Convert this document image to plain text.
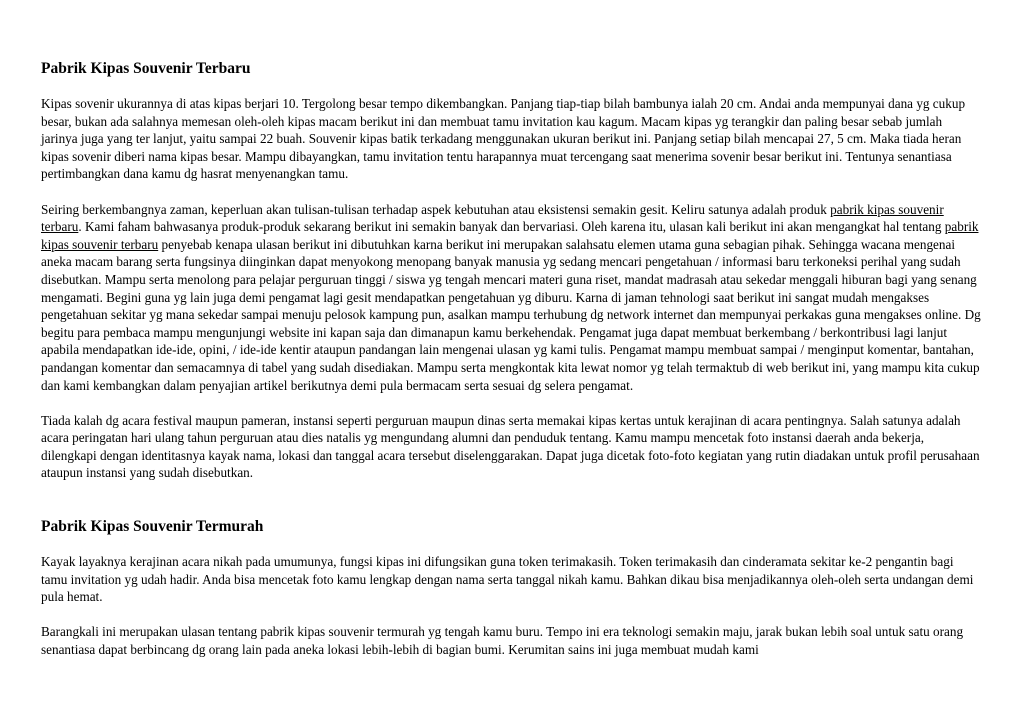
Pabrik Kipas Souvenir Terbaru

Kipas sovenir ukurannya di atas kipas berjari 10. Tergolong besar tempo dikembangkan. Panjang tiap-tiap bilah bambunya ialah 20 cm. Andai anda mempunyai dana yg cukup besar, bukan ada salahnya memesan oleh-oleh kipas macam berikut ini dan membuat tamu invitation kau kagum. Macam kipas yg terangkir dan paling besar sebab jumlah jarinya juga yang ter lanjut, yaitu sampai 22 buah. Souvenir kipas batik terkadang menggunakan ukuran berikut ini. Panjang setiap bilah mencapai 27, 5 cm. Maka tiada heran kipas sovenir diberi nama kipas besar. Mampu dibayangkan, tamu invitation tentu harapannya muat tercengang saat menerima sovenir besar berikut ini. Tentunya senantiasa pertimbangkan dana kamu dg hasrat menyenangkan tamu.

Seiring berkembangnya zaman, keperluan akan tulisan-tulisan terhadap aspek kebutuhan atau eksistensi semakin gesit. Keliru satunya adalah produk pabrik kipas souvenir terbaru. Kami faham bahwasanya produk-produk sekarang berikut ini semakin banyak dan bervariasi. Oleh karena itu, ulasan kali berikut ini akan mengangkat hal tentang pabrik kipas souvenir terbaru penyebab kenapa ulasan berikut ini dibutuhkan karna berikut ini merupakan salahsatu elemen utama guna sebagian pihak. Sehingga wacana mengenai aneka macam barang serta fungsinya diinginkan dapat menyokong menopang banyak manusia yg sedang mencari pengetahuan / informasi baru terkoneksi perihal yang sudah disebutkan. Mampu serta menolong para pelajar perguruan tinggi / siswa yg tengah mencari materi guna riset, mandat madrasah atau sekedar menggali hiburan bagi yang senang mengamati. Begini guna yg lain juga demi pengamat lagi gesit mendapatkan pengetahuan yg diburu. Karna di jaman tehnologi saat berikut ini sangat mudah mengakses pengetahuan sekitar yg mana sekedar sampai menuju pelosok kampung pun, asalkan mampu terhubung dg network internet dan mempunyai perkakas guna mengakses online. Dg begitu para pembaca mampu mengunjungi website ini kapan saja dan dimanapun kamu berkehendak. Pengamat juga dapat membuat berkembang / berkontribusi lagi lanjut apabila mendapatkan ide-ide, opini, / ide-ide kentir ataupun pandangan lain mengenai ulasan yg kami tulis. Pengamat mampu membuat sampai / menginput komentar, bantahan, pandangan komentar dan semacamnya di tabel yang sudah disediakan. Mampu serta mengkontak kita lewat nomor yg telah termaktub di web berikut ini, yang mampu kita cukup dan kami kembangkan dalam penyajian artikel berikutnya demi pula bermacam serta sesuai dg selera pengamat.

Tiada kalah dg acara festival maupun pameran, instansi seperti perguruan maupun dinas serta memakai kipas kertas untuk kerajinan di acara pentingnya. Salah satunya adalah acara peringatan hari ulang tahun perguruan atau dies natalis yg mengundang alumni dan penduduk tentang. Kamu mampu mencetak foto instansi daerah anda bekerja, dilengkapi dengan identitasnya kayak nama, lokasi dan tanggal acara tersebut diselenggarakan. Dapat juga dicetak foto-foto kegiatan yang rutin diadakan untuk profil perusahaan ataupun instansi yang sudah disebutkan.

Pabrik Kipas Souvenir Termurah

Kayak layaknya kerajinan acara nikah pada umumunya, fungsi kipas ini difungsikan guna token terimakasih. Token terimakasih dan cinderamata sekitar ke-2 pengantin bagi tamu invitation yg udah hadir. Anda bisa mencetak foto kamu lengkap dengan nama serta tanggal nikah kamu. Bahkan dikau bisa menjadikannya oleh-oleh serta undangan demi pula hemat.

Barangkali ini merupakan ulasan tentang pabrik kipas souvenir termurah yg tengah kamu buru. Tempo ini era teknologi semakin maju, jarak bukan lebih soal untuk satu orang senantiasa dapat berbincang dg orang lain pada aneka lokasi lebih-lebih di bagian bumi. Kerumitan sains ini juga membuat mudah kami
